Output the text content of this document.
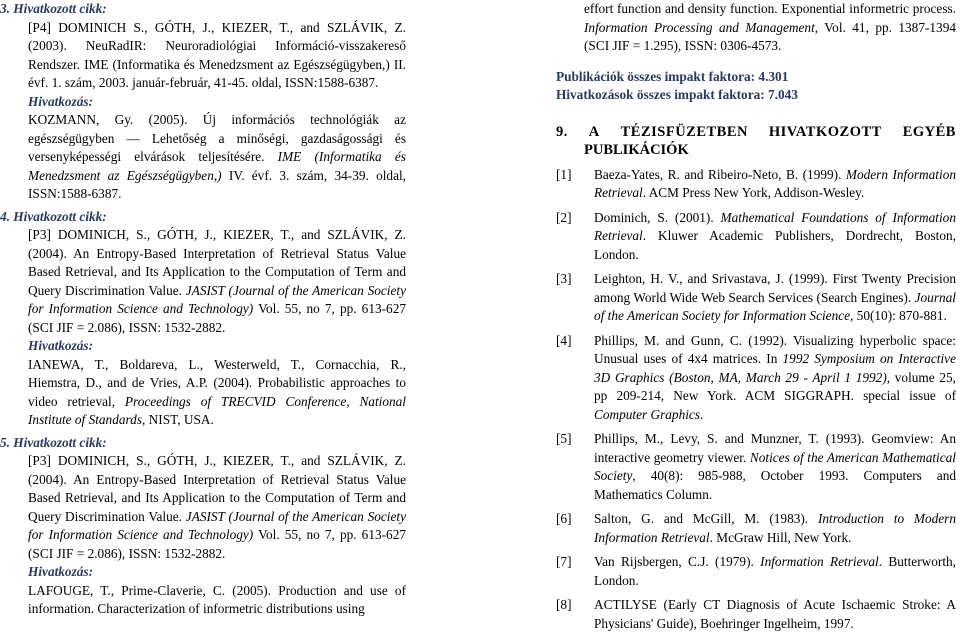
3. Hivatkozott cikk:

[P4] DOMINICH S., GÓTH, J., KIEZER, T., and SZLÁVIK, Z. (2003). NeuRadIR: Neuroradiológiai Információ-visszakereső Rendszer. IME (Informatika és Menedzsment az Egészségügyben,) II. évf. 1. szám, 2003. január-február, 41-45. oldal, ISSN:1588-6387.

Hivatkozás:

KOZMANN, Gy. (2005). Új információs technológiák az egészségügyben ― Lehetőség a minőségi, gazdaságossági és versenyképességi elvárások teljesítésére. IME (Informatika és Menedzsment az Egészségügyben,) IV. évf. 3. szám, 34-39. oldal, ISSN:1588-6387.

4. Hivatkozott cikk:

[P3] DOMINICH, S., GÓTH, J., KIEZER, T., and SZLÁVIK, Z. (2004). An Entropy-Based Interpretation of Retrieval Status Value Based Retrieval, and Its Application to the Computation of Term and Query Discrimination Value. JASIST (Journal of the American Society for Information Science and Technology) Vol. 55, no 7, pp. 613-627 (SCI JIF = 2.086), ISSN: 1532-2882.

Hivatkozás:

IANEWA, T., Boldareva, L., Westerweld, T., Cornacchia, R., Hiemstra, D., and de Vries, A.P. (2004). Probabilistic approaches to video retrieval, Proceedings of TRECVID Conference, National Institute of Standards, NIST, USA.

5. Hivatkozott cikk:

[P3] DOMINICH, S., GÓTH, J., KIEZER, T., and SZLÁVIK, Z. (2004). An Entropy-Based Interpretation of Retrieval Status Value Based Retrieval, and Its Application to the Computation of Term and Query Discrimination Value. JASIST (Journal of the American Society for Information Science and Technology) Vol. 55, no 7, pp. 613-627 (SCI JIF = 2.086), ISSN: 1532-2882.

Hivatkozás:

LAFOUGE, T., Prime-Claverie, C. (2005). Production and use of information. Characterization of informetric distributions using

effort function and density function. Exponential informetric process. Information Processing and Management, Vol. 41, pp. 1387-1394 (SCI JIF = 1.295), ISSN: 0306-4573.

Publikációk összes impakt faktora: 4.301

Hivatkozások összes impakt faktora: 7.043

9. A TÉZISFÜZETBEN HIVATKOZOTT EGYÉB

PUBLIKÁCIÓK

[1]	Baeza-Yates, R. and Ribeiro-Neto, B. (1999). Modern Information Retrieval. ACM Press New York, Addison-Wesley.
[2]	Dominich, S. (2001). Mathematical Foundations of Information Retrieval. Kluwer Academic Publishers, Dordrecht, Boston, London.
[3]	Leighton, H. V., and Srivastava, J. (1999). First Twenty Precision among World Wide Web Search Services (Search Engines). Journal of the American Society for Information Science, 50(10): 870-881.
[4]	Phillips, M. and Gunn, C. (1992). Visualizing hyperbolic space: Unusual uses of 4x4 matrices. In 1992 Symposium on Interactive 3D Graphics (Boston, MA, March 29 - April 1 1992), volume 25, pp 209-214, New York. ACM SIGGRAPH. special issue of Computer Graphics.
[5]	Phillips, M., Levy, S. and Munzner, T. (1993). Geomview: An interactive geometry viewer. Notices of the American Mathematical Society, 40(8): 985-988, October 1993. Computers and Mathematics Column.
[6]	Salton, G. and McGill, M. (1983). Introduction to Modern Information Retrieval. McGraw Hill, New York.
[7]	Van Rijsbergen, C.J. (1979). Information Retrieval. Butterworth, London.
[8]	ACTILYSE (Early CT Diagnosis of Acute Ischaemic Stroke: A Physicians' Guide), Boehringer Ingelheim, 1997.
